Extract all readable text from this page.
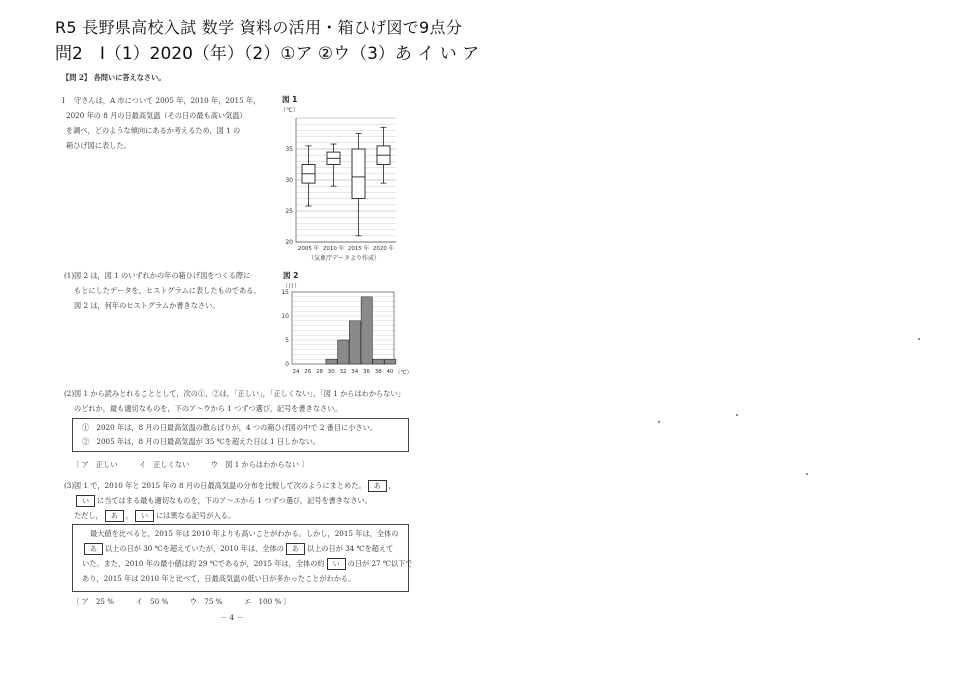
R5 長野県高校入試 数学 資料の活用・箱ひげ図で9点分
問2　I（1）2020（年）（2）①ア ②ウ（3）あ イ い ア
【問 2】 各問いに答えなさい。
I 守さんは，A 市について 2005 年，2010 年，2015 年，
2020 年の 8 月の日最高気温（その日の最も高い気温）
を調べ，どのような傾向にあるか考えるため，図 1 の
箱ひげ図に表した。
図 1
（℃）
20
25
30
35
2005 年 2010 年 2015 年 2020 年
（気象庁データより作成）
(1) 図 2 は，図 1 のいずれかの年の箱ひげ図をつくる際に
もとにしたデータを，ヒストグラムに表したものである。
図 2 は，何年のヒストグラムか書きなさい。
図 2
（日）
0
5
10
15
24 26 28 30 32 34 36 38 40 （℃）
(2) 図 1 から読みとれることとして，次の①，②は，「正しい」，「正しくない」，「図 1 からはわからない」
のどれか，最も適切なものを，下のア～ウから 1 つずつ選び，記号を書きなさい。
①　2020 年は，8 月の日最高気温の散らばりが，4 つの箱ひげ図の中で 2 番目に小さい。
②　2005 年は，8 月の日最高気温が 35 ℃を超えた日は 1 日しかない。
〔 ア　正しい　　　イ　正しくない　　　ウ　図 1 からはわからない 〕
(3) 図 1 で，2010 年と 2015 年の 8 月の日最高気温の分布を比較して次のようにまとめた。 あ ，
い に当てはまる最も適切なものを，下のア～エから 1 つずつ選び，記号を書きなさい。
ただし， あ ， い には異なる記号が入る。
最大値を比べると，2015 年は 2010 年よりも高いことがわかる。しかし，2015 年は，全体の
あ 以上の日が 30 ℃を超えていたが，2010 年は，全体の あ 以上の日が 34 ℃を超えて
いた。また，2010 年の最小値は約 29 ℃であるが，2015 年は，全体の約 い の日が 27 ℃以下で
あり，2015 年は 2010 年と比べて，日最高気温の低い日が多かったことがわかる。
〔 ア　25 %　　　イ　50 %　　　ウ　75 %　　　エ　100 % 〕
－ 4 －
